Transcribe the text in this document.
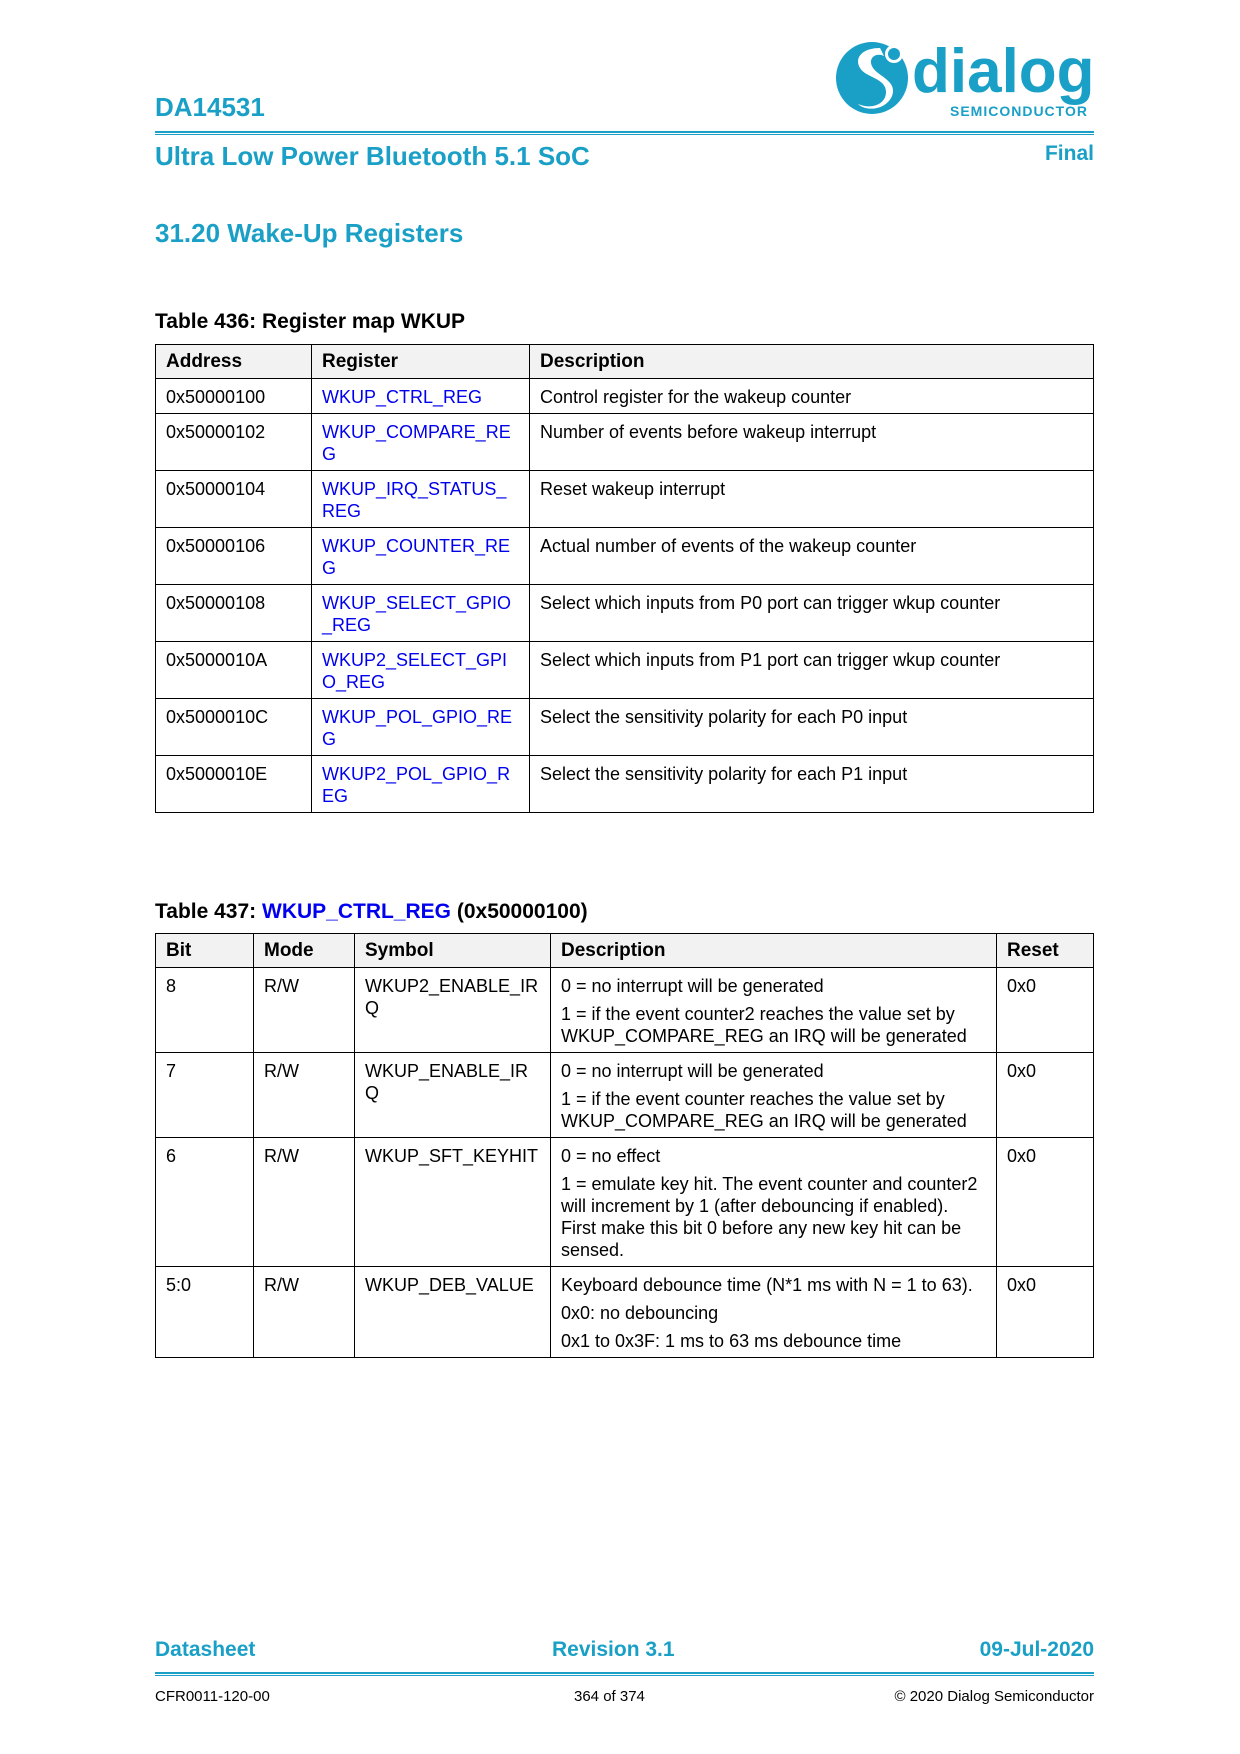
DA14531
Ultra Low Power Bluetooth 5.1 SoC	Final
dialog
SEMICONDUCTOR
31.20 Wake-Up Registers
Table 436: Register map WKUP
Address	Register	Description
0x50000100	WKUP_CTRL_REG	Control register for the wakeup counter
0x50000102	WKUP_COMPARE_REG	Number of events before wakeup interrupt
0x50000104	WKUP_IRQ_STATUS_REG	Reset wakeup interrupt
0x50000106	WKUP_COUNTER_REG	Actual number of events of the wakeup counter
0x50000108	WKUP_SELECT_GPIO_REG	Select which inputs from P0 port can trigger wkup counter
0x5000010A	WKUP2_SELECT_GPIO_REG	Select which inputs from P1 port can trigger wkup counter
0x5000010C	WKUP_POL_GPIO_REG	Select the sensitivity polarity for each P0 input
0x5000010E	WKUP2_POL_GPIO_REG	Select the sensitivity polarity for each P1 input
Table 437: WKUP_CTRL_REG (0x50000100)
Bit	Mode	Symbol	Description	Reset
8	R/W	WKUP2_ENABLE_IRQ	0 = no interrupt will be generated

1 = if the event counter2 reaches the value set by WKUP_COMPARE_REG an IRQ will be generated	0x0
7	R/W	WKUP_ENABLE_IRQ	0 = no interrupt will be generated

1 = if the event counter reaches the value set by WKUP_COMPARE_REG an IRQ will be generated	0x0
6	R/W	WKUP_SFT_KEYHIT	0 = no effect

1 = emulate key hit. The event counter and counter2 will increment by 1 (after debouncing if enabled). First make this bit 0 before any new key hit can be sensed.	0x0
5:0	R/W	WKUP_DEB_VALUE	Keyboard debounce time (N*1 ms with N = 1 to 63).

0x0: no debouncing

0x1 to 0x3F: 1 ms to 63 ms debounce time	0x0
Datasheet	Revision 3.1	09-Jul-2020
CFR0011-120-00	364 of 374	© 2020 Dialog Semiconductor
